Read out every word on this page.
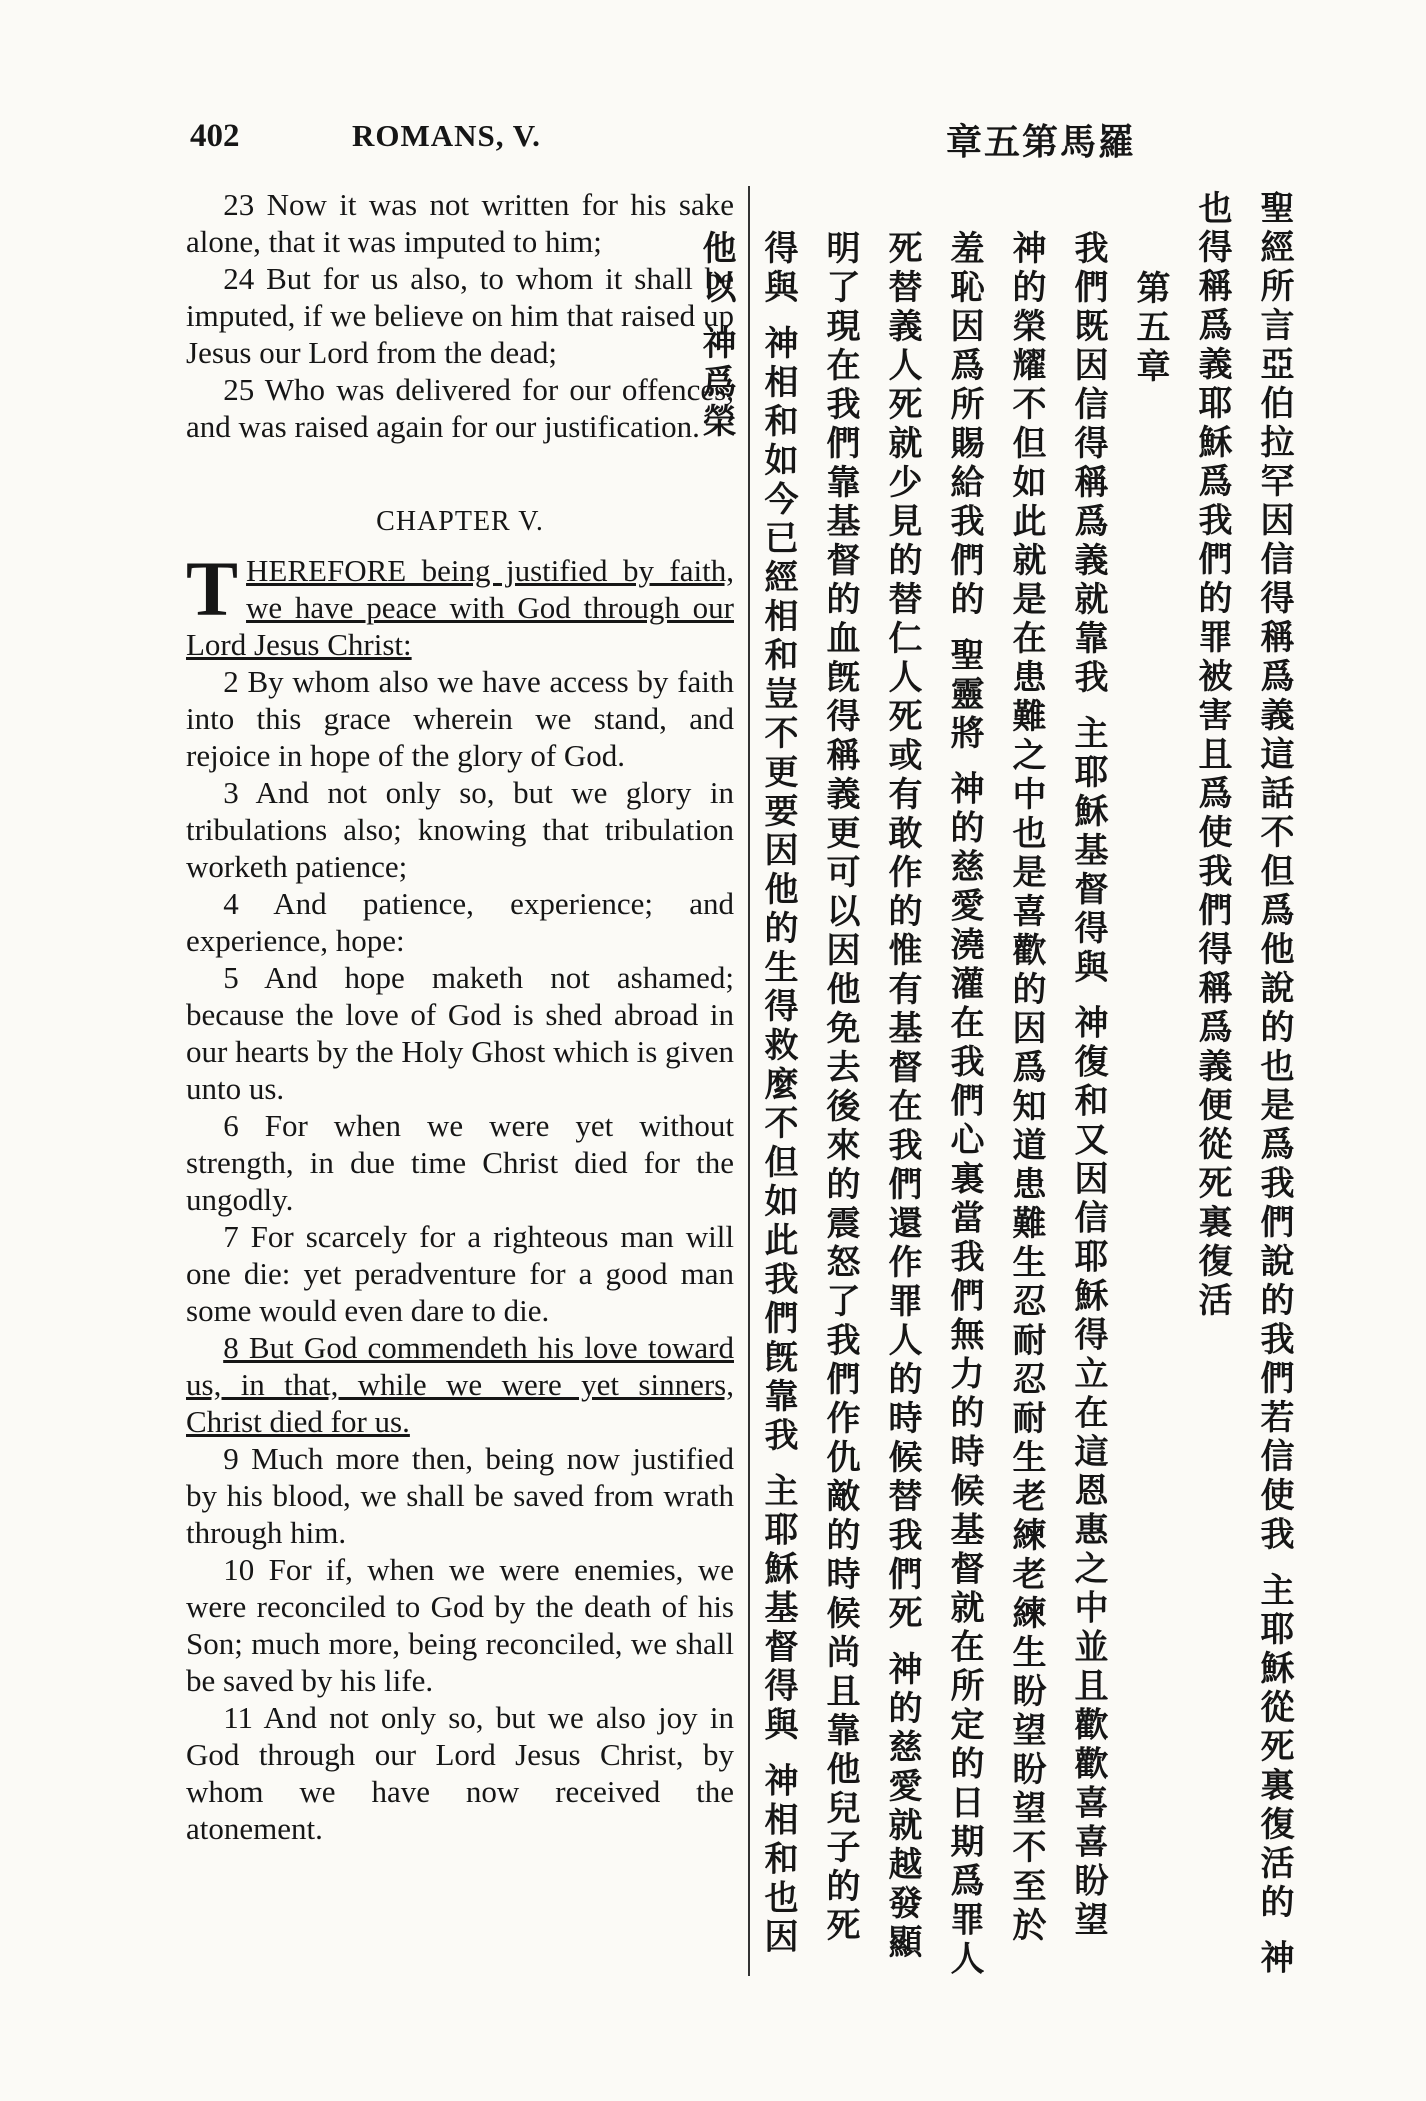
402	ROMANS, V.	章五第馬羅

23 Now it was not written for his sake alone, that it was imputed to him;

24 But for us also, to whom it shall be imputed, if we believe on him that raised up Jesus our Lord from the dead;

25 Who was delivered for our offences, and was raised again for our justification.

CHAPTER V.

THEREFORE being justified by faith, we have peace with God through our Lord Jesus Christ:

2 By whom also we have access by faith into this grace wherein we stand, and rejoice in hope of the glory of God.

3 And not only so, but we glory in tribulations also; knowing that tribulation worketh patience;

4 And patience, experience; and experience, hope:

5 And hope maketh not ashamed; because the love of God is shed abroad in our hearts by the Holy Ghost which is given unto us.

6 For when we were yet without strength, in due time Christ died for the ungodly.

7 For scarcely for a righteous man will one die: yet peradventure for a good man some would even dare to die.

8 But God commendeth his love toward us, in that, while we were yet sinners, Christ died for us.

9 Much more then, being now justified by his blood, we shall be saved from wrath through him.

10 For if, when we were enemies, we were reconciled to God by the death of his Son; much more, being reconciled, we shall be saved by his life.

11 And not only so, but we also joy in God through our Lord Jesus Christ, by whom we have now received the atonement.	聖經所言亞伯拉罕因信得稱爲義這話不但爲他說的也是爲我們說的我們若信使我 主耶穌從死裏復活的 神也得稱爲義耶穌爲我們的罪被害且爲使我們得稱爲義便從死裏復活

第五章

我們既因信得稱爲義就靠我 主耶穌基督得與 神復和又因信耶穌得立在這恩惠之中並且歡歡喜喜盼望 神的榮耀不但如此就是在患難之中也是喜歡的因爲知道患難生忍耐忍耐生老練老練生盼望盼望不至於羞恥因爲所賜給我們的 聖靈將 神的慈愛澆灌在我們心裏當我們無力的時候基督就在所定的日期爲罪人死替義人死就少見的替仁人死或有敢作的惟有基督在我們還作罪人的時候替我們死 神的慈愛就越發顯明了現在我們靠基督的血旣得稱義更可以因他免去後來的震怒了我們作仇敵的時候尚且靠他兒子的死得與 神相和如今已經相和豈不更要因他的生得救麼不但如此我們旣靠我 主耶穌基督得與 神相和也因他以 神爲榮
